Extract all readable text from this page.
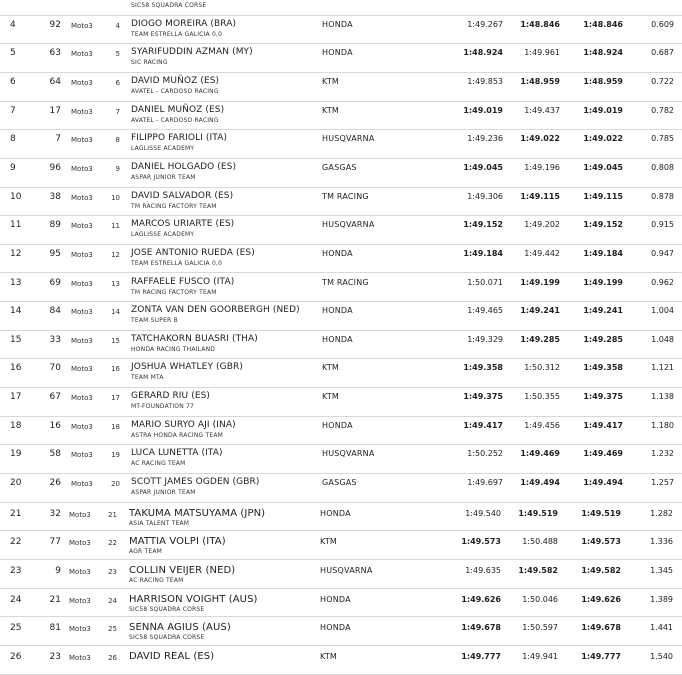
SIC58 SQUADRA CORSE
4	92 Moto3	4 DIOGO MOREIRA (BRA)
TEAM ESTRELLA GALICIA 0,0
HONDA	1:49.267	1:48.846	1:48.846	0.609
5	63 Moto3	5 SYARIFUDDIN AZMAN (MY)
SIC RACING
HONDA	1:48.924	1:49.961	1:48.924	0.687
6	64 Moto3	6 DAVID MUÑOZ (ES)
AVATEL - CARDOSO RACING
KTM	1:49.853	1:48.959	1:48.959	0.722
7	17 Moto3	7 DANIEL MUÑOZ (ES)
AVATEL - CARDOSO RACING
KTM	1:49.019	1:49.437	1:49.019	0.782
8	7 Moto3	8 FILIPPO FARIOLI (ITA)
LAGLISSE ACADEMY
HUSQVARNA	1:49.236	1:49.022	1:49.022	0.785
9	96 Moto3	9 DANIEL HOLGADO (ES)
ASPAR JUNIOR TEAM
GASGAS	1:49.045	1:49.196	1:49.045	0.808
10	38 Moto3	10 DAVID SALVADOR (ES)
TM RACING FACTORY TEAM
TM RACING	1:49.306	1:49.115	1:49.115	0.878
11	89 Moto3	11 MARCOS URIARTE (ES)
LAGLISSE ACADEMY
HUSQVARNA	1:49.152	1:49.202	1:49.152	0.915
12	95 Moto3	12 JOSE ANTONIO RUEDA (ES)
TEAM ESTRELLA GALICIA 0,0
HONDA	1:49.184	1:49.442	1:49.184	0.947
13	69 Moto3	13 RAFFAELE FUSCO (ITA)
TM RACING FACTORY TEAM
TM RACING	1:50.071	1:49.199	1:49.199	0.962
14	84 Moto3	14 ZONTA VAN DEN GOORBERGH (NED)
TEAM SUPER B
HONDA	1:49.465	1:49.241	1:49.241	1.004
15	33 Moto3	15 TATCHAKORN BUASRI (THA)
HONDA RACING THAILAND
HONDA	1:49.329	1:49.285	1:49.285	1.048
16	70 Moto3	16 JOSHUA WHATLEY (GBR)
TEAM MTA
KTM	1:49.358	1:50.312	1:49.358	1.121
17	67 Moto3	17 GERARD RIU (ES)
MT-FOUNDATION 77
KTM	1:49.375	1:50.355	1:49.375	1.138
18	16 Moto3	18 MARIO SURYO AJI (INA)
ASTRA HONDA RACING TEAM
HONDA	1:49.417	1:49.456	1:49.417	1.180
19	58 Moto3	19 LUCA LUNETTA (ITA)
AC RACING TEAM
HUSQVARNA	1:50.252	1:49.469	1:49.469	1.232
20	26 Moto3	20 SCOTT JAMES OGDEN (GBR)
ASPAR JUNIOR TEAM
GASGAS	1:49.697	1:49.494	1:49.494	1.257
21	32 Moto3	21 TAKUMA MATSUYAMA (JPN)
ASIA TALENT TEAM
HONDA	1:49.540	1:49.519	1:49.519	1.282
22	77 Moto3	22 MATTIA VOLPI (ITA)
AGR TEAM
KTM	1:49.573	1:50.488	1:49.573	1.336
23	9 Moto3	23 COLLIN VEIJER (NED)
AC RACING TEAM
HUSQVARNA	1:49.635	1:49.582	1:49.582	1.345
24	21 Moto3	24 HARRISON VOIGHT (AUS)
SIC58 SQUADRA CORSE
HONDA	1:49.626	1:50.046	1:49.626	1.389
25	81 Moto3	25 SENNA AGIUS (AUS)
SIC58 SQUADRA CORSE
HONDA	1:49.678	1:50.597	1:49.678	1.441
26	23 Moto3	26 DAVID REAL (ES)	KTM	1:49.777	1:49.941	1:49.777	1.540
